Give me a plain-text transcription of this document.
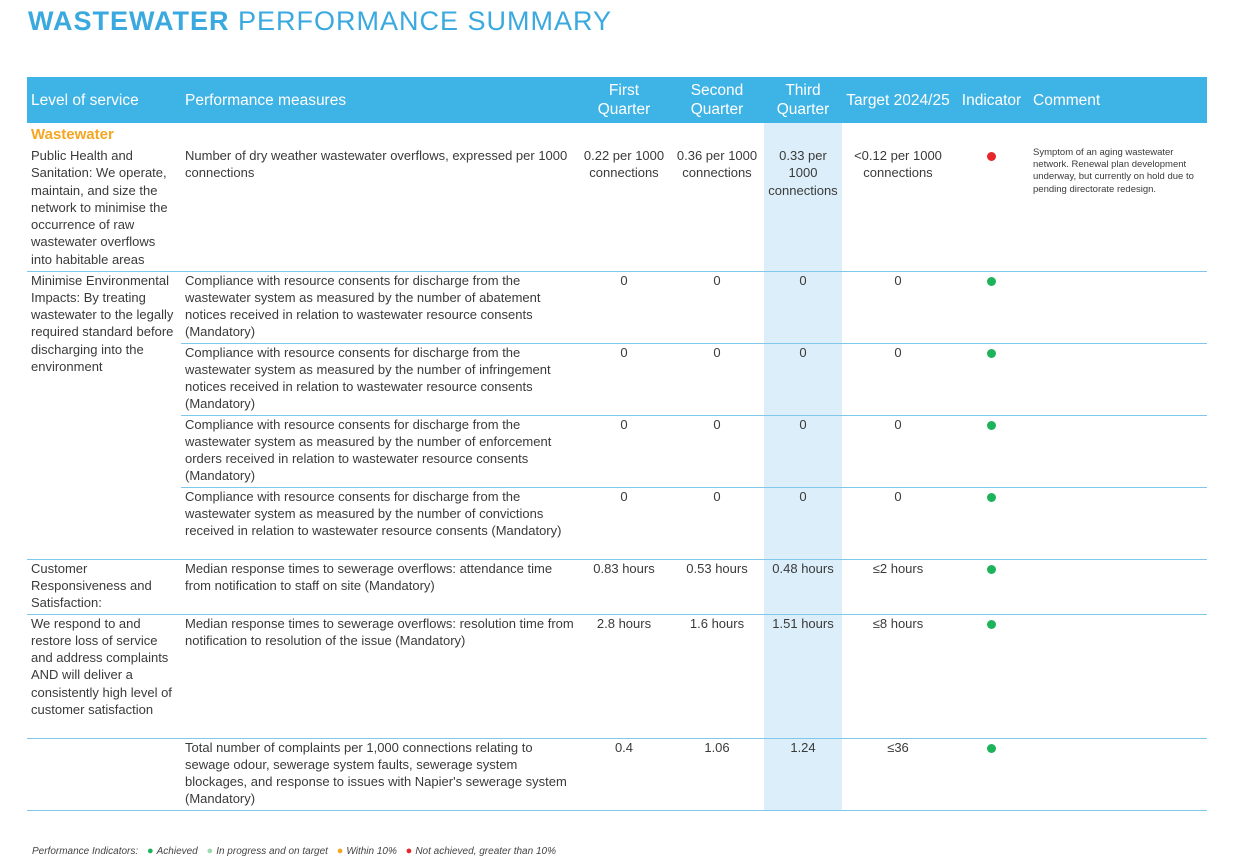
WASTEWATER PERFORMANCE SUMMARY
Level of service	Performance measures	First Quarter	Second Quarter	Third Quarter	Target 2024/25	Indicator	Comment
Wastewater							
Public Health and Sanitation: We operate, maintain, and size the network to minimise the occurrence of raw wastewater overflows into habitable areas	Number of dry weather wastewater overflows, expressed per 1000 connections	0.22 per 1000 connections	0.36 per 1000 connections	0.33 per 1000 connections	<0.12 per 1000 connections		Symptom of an aging wastewater network. Renewal plan development underway, but currently on hold due to pending directorate redesign.
Minimise Environmental Impacts: By treating wastewater to the legally required standard before discharging into the environment	Compliance with resource consents for discharge from the wastewater system as measured by the number of abatement notices received in relation to wastewater resource consents (Mandatory)	0	0	0	0		
	Compliance with resource consents for discharge from the wastewater system as measured by the number of infringement notices received in relation to wastewater resource consents (Mandatory)	0	0	0	0		
	Compliance with resource consents for discharge from the wastewater system as measured by the number of enforcement orders received in relation to wastewater resource consents (Mandatory)	0	0	0	0		
	Compliance with resource consents for discharge from the wastewater system as measured by the number of convictions received in relation to wastewater resource consents (Mandatory)	0	0	0	0		
Customer Responsiveness and Satisfaction:	Median response times to sewerage overflows: attendance time from notification to staff on site (Mandatory)	0.83 hours	0.53 hours	0.48 hours	≤2 hours		
We respond to and restore loss of service and address complaints AND will deliver a consistently high level of customer satisfaction	Median response times to sewerage overflows: resolution time from notification to resolution of the issue (Mandatory)	2.8 hours	1.6 hours	1.51 hours	≤8 hours		
	Total number of complaints per 1,000 connections relating to sewage odour, sewerage system faults, sewerage system blockages, and response to issues with Napier's sewerage system (Mandatory)	0.4	1.06	1.24	≤36		
Performance Indicators: ● Achieved ● In progress and on target ● Within 10% ● Not achieved, greater than 10%
